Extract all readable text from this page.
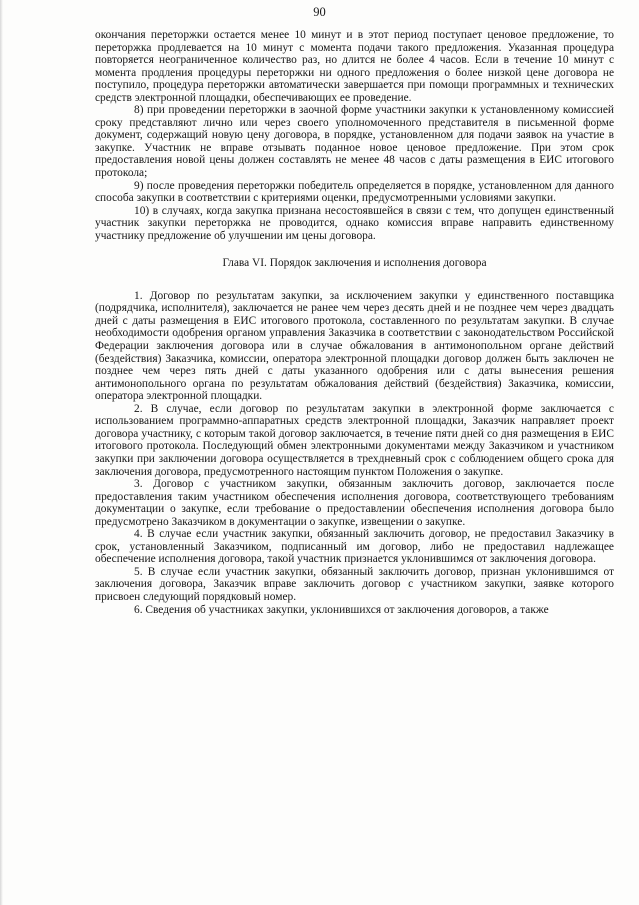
90

окончания переторжки остается менее 10 минут и в этот период поступает ценовое предложение, то переторжка продлевается на 10 минут с момента подачи такого предложения. Указанная процедура повторяется неограниченное количество раз, но длится не более 4 часов. Если в течение 10 минут с момента продления процедуры переторжки ни одного предложения о более низкой цене договора не поступило, процедура переторжки автоматически завершается при помощи программных и технических средств электронной площадки, обеспечивающих ее проведение.

8) при проведении переторжки в заочной форме участники закупки к установленному комиссией сроку представляют лично или через своего уполномоченного представителя в письменной форме документ, содержащий новую цену договора, в порядке, установленном для подачи заявок на участие в закупке. Участник не вправе отзывать поданное новое ценовое предложение. При этом срок предоставления новой цены должен составлять не менее 48 часов с даты размещения в ЕИС итогового протокола;

9) после проведения переторжки победитель определяется в порядке, установленном для данного способа закупки в соответствии с критериями оценки, предусмотренными условиями закупки.

10) в случаях, когда закупка признана несостоявшейся в связи с тем, что допущен единственный участник закупки переторжка не проводится, однако комиссия вправе направить единственному участнику предложение об улучшении им цены договора.

Глава VI. Порядок заключения и исполнения договора

1. Договор по результатам закупки, за исключением закупки у единственного поставщика (подрядчика, исполнителя), заключается не ранее чем через десять дней и не позднее чем через двадцать дней с даты размещения в ЕИС итогового протокола, составленного по результатам закупки. В случае необходимости одобрения органом управления Заказчика в соответствии с законодательством Российской Федерации заключения договора или в случае обжалования в антимонопольном органе действий (бездействия) Заказчика, комиссии, оператора электронной площадки договор должен быть заключен не позднее чем через пять дней с даты указанного одобрения или с даты вынесения решения антимонопольного органа по результатам обжалования действий (бездействия) Заказчика, комиссии, оператора электронной площадки.

2. В случае, если договор по результатам закупки в электронной форме заключается с использованием программно-аппаратных средств электронной площадки, Заказчик направляет проект договора участнику, с которым такой договор заключается, в течение пяти дней со дня размещения в ЕИС итогового протокола. Последующий обмен электронными документами между Заказчиком и участником закупки при заключении договора осуществляется в трехдневный срок с соблюдением общего срока для заключения договора, предусмотренного настоящим пунктом Положения о закупке.

3. Договор с участником закупки, обязанным заключить договор, заключается после предоставления таким участником обеспечения исполнения договора, соответствующего требованиям документации о закупке, если требование о предоставлении обеспечения исполнения договора было предусмотрено Заказчиком в документации о закупке, извещении о закупке.

4. В случае если участник закупки, обязанный заключить договор, не предоставил Заказчику в срок, установленный Заказчиком, подписанный им договор, либо не предоставил надлежащее обеспечение исполнения договора, такой участник признается уклонившимся от заключения договора.

5. В случае если участник закупки, обязанный заключить договор, признан уклонившимся от заключения договора, Заказчик вправе заключить договор с участником закупки, заявке которого присвоен следующий порядковый номер.

6. Сведения об участниках закупки, уклонившихся от заключения договоров, а также
